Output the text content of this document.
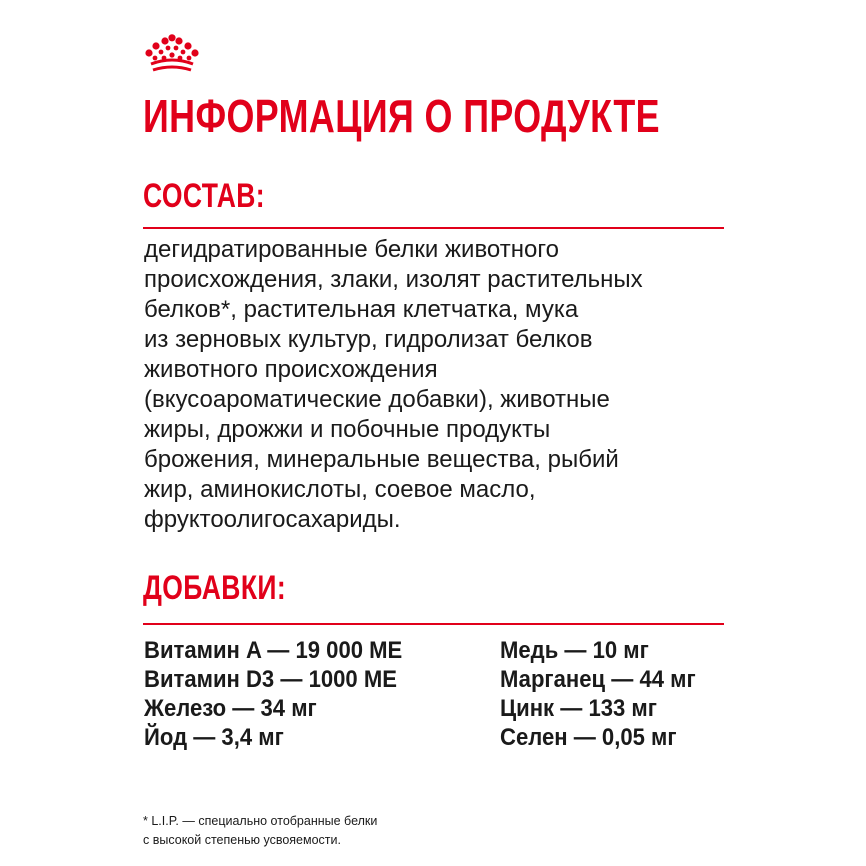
ИНФОРМАЦИЯ О ПРОДУКТЕ
СОСТАВ:

дегидратированные белки животного
происхождения, злаки, изолят растительных
белков*, растительная клетчатка, мука
из зерновых культур, гидролизат белков
животного происхождения
(вкусоароматические добавки), животные
жиры, дрожжи и побочные продукты
брожения, минеральные вещества, рыбий
жир, аминокислоты, соевое масло,
фруктоолигосахариды.

ДОБАВКИ:
Витамин A — 19 000 МЕ
Витамин D3 — 1000 МЕ
Железо — 34 мг
Йод — 3,4 мг
Медь — 10 мг
Марганец — 44 мг
Цинк — 133 мг
Селен — 0,05 мг

* L.I.P. — специально отобранные белки
с высокой степенью усвояемости.
